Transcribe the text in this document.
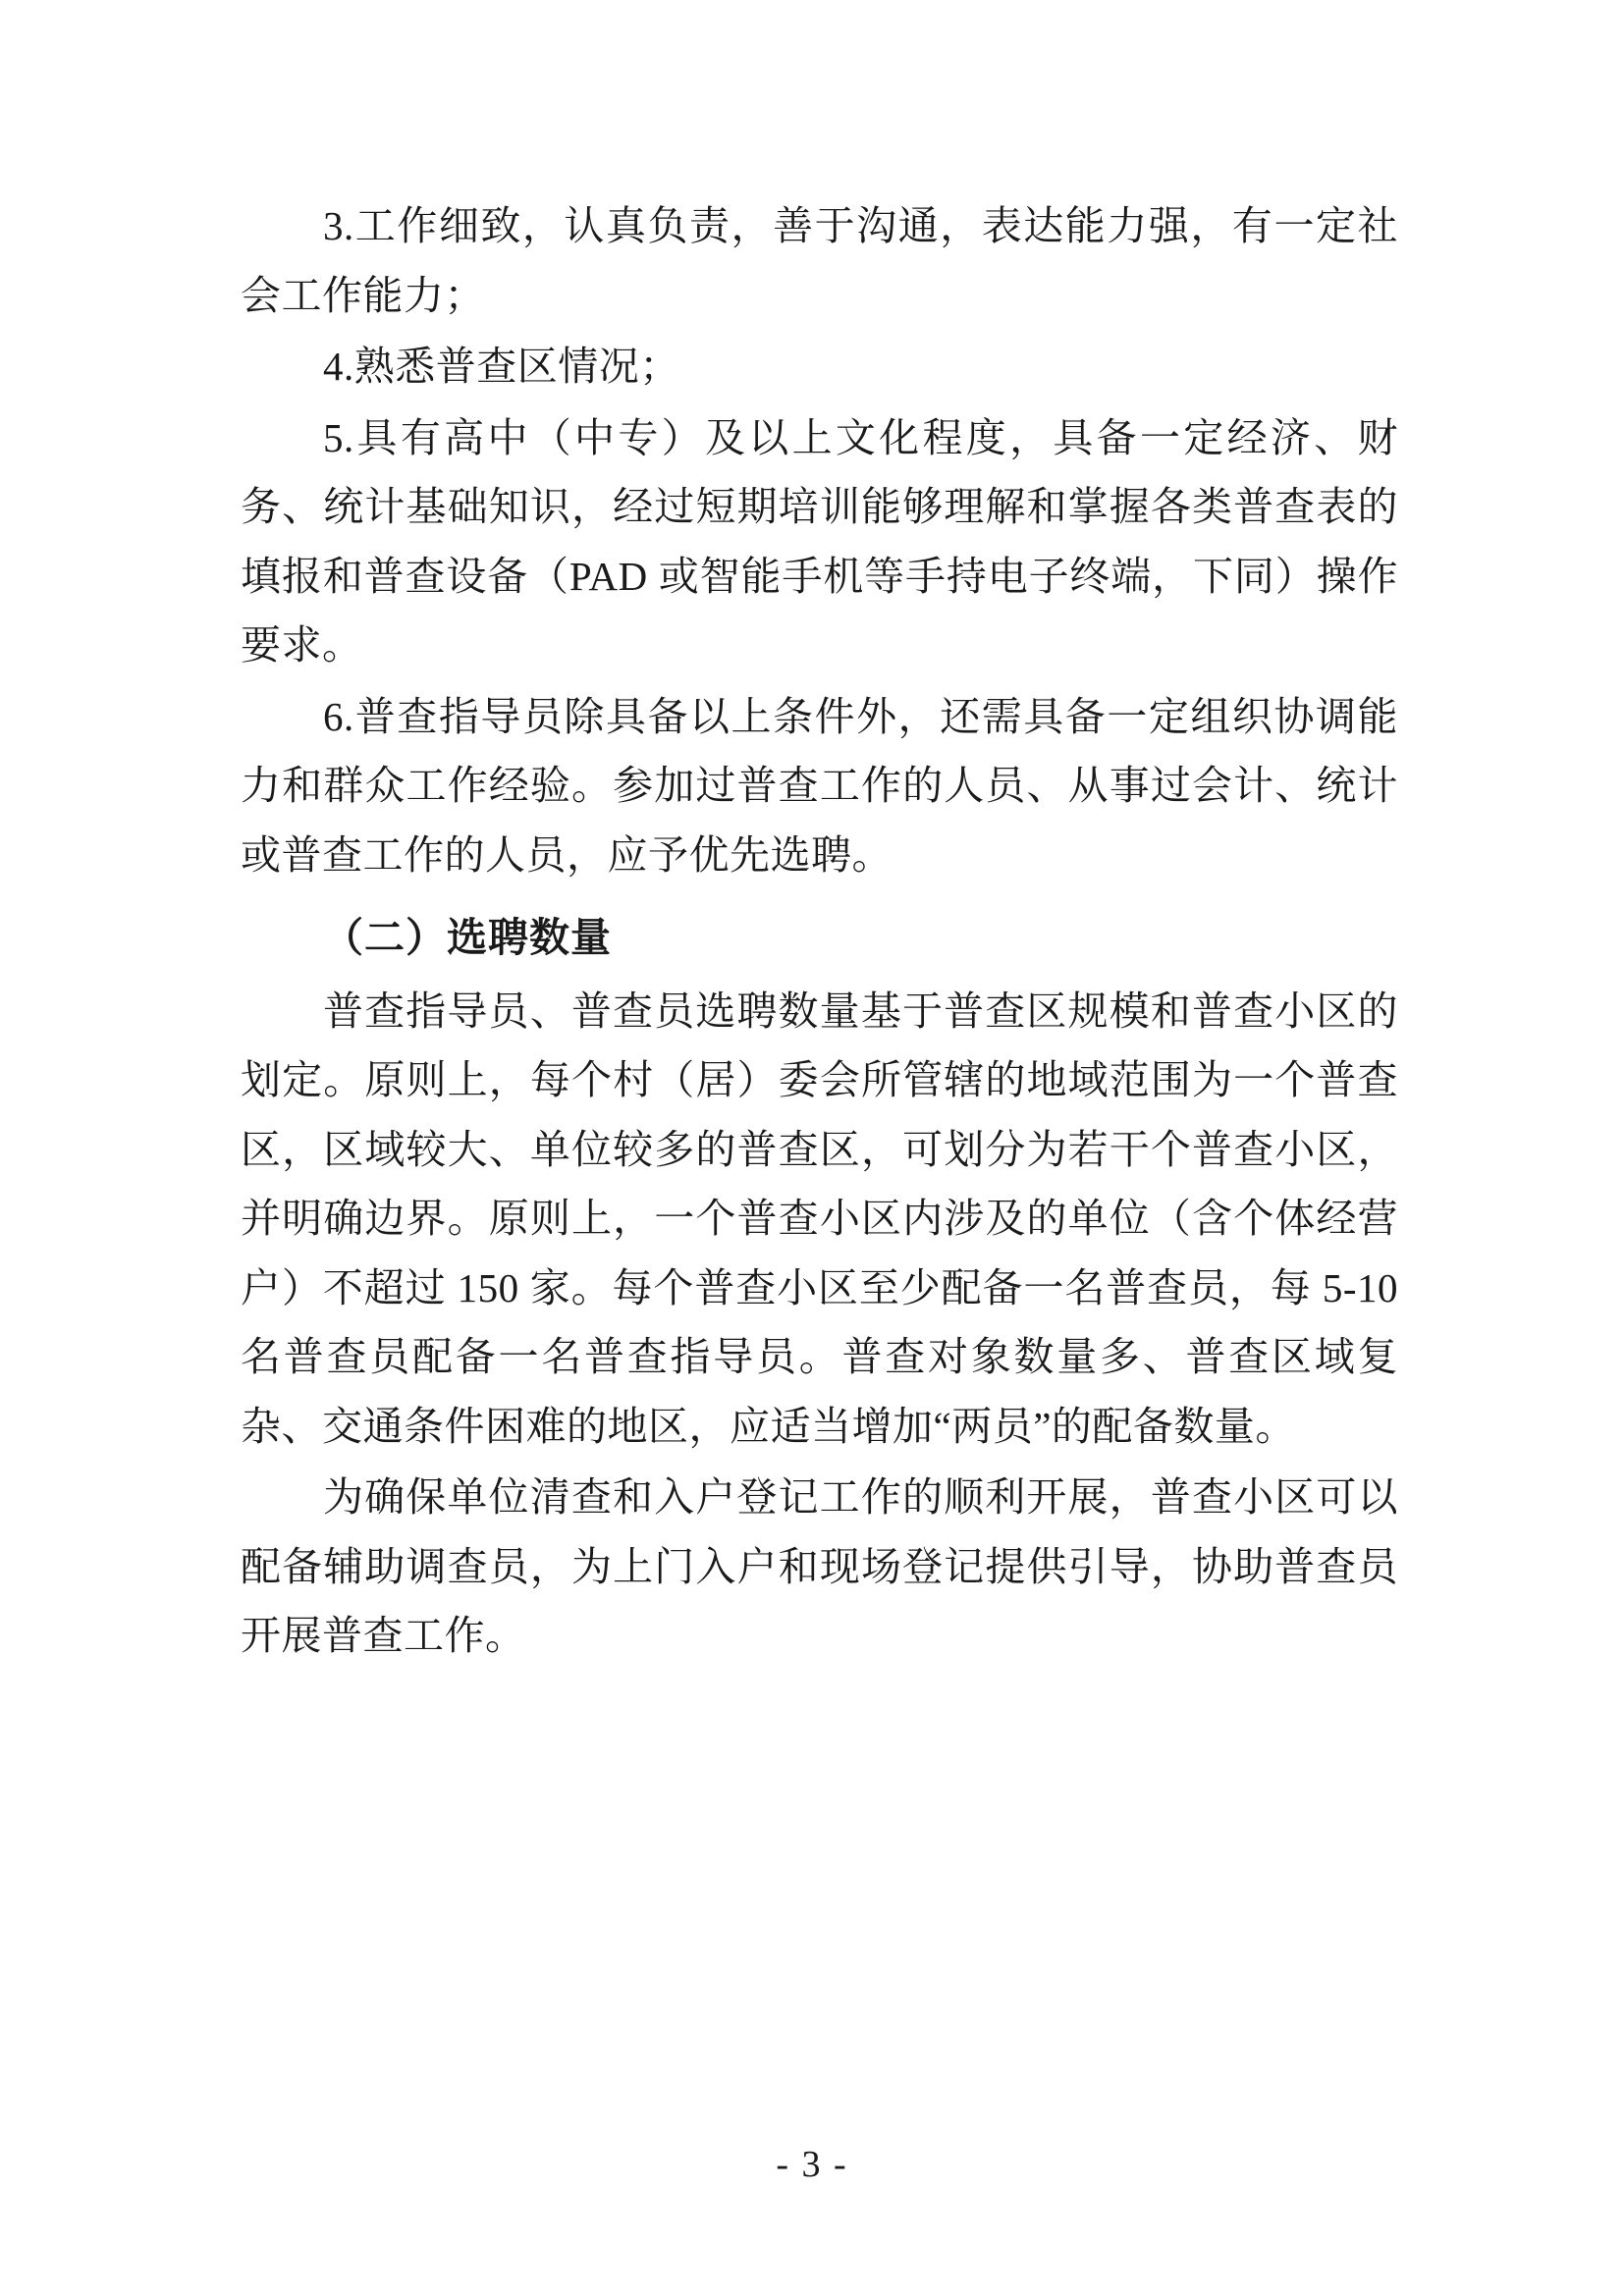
3.工作细致，认真负责，善于沟通，表达能力强，有一定社会工作能力；

4.熟悉普查区情况；

5.具有高中（中专）及以上文化程度，具备一定经济、财务、统计基础知识，经过短期培训能够理解和掌握各类普查表的填报和普查设备（PAD 或智能手机等手持电子终端，下同）操作要求。

6.普查指导员除具备以上条件外，还需具备一定组织协调能力和群众工作经验。参加过普查工作的人员、从事过会计、统计或普查工作的人员，应予优先选聘。

（二）选聘数量

普查指导员、普查员选聘数量基于普查区规模和普查小区的划定。原则上，每个村（居）委会所管辖的地域范围为一个普查区，区域较大、单位较多的普查区，可划分为若干个普查小区，并明确边界。原则上，一个普查小区内涉及的单位（含个体经营户）不超过 150 家。每个普查小区至少配备一名普查员，每 5-10 名普查员配备一名普查指导员。普查对象数量多、普查区域复杂、交通条件困难的地区，应适当增加“两员”的配备数量。

为确保单位清查和入户登记工作的顺利开展，普查小区可以配备辅助调查员，为上门入户和现场登记提供引导，协助普查员开展普查工作。

- 3 -
